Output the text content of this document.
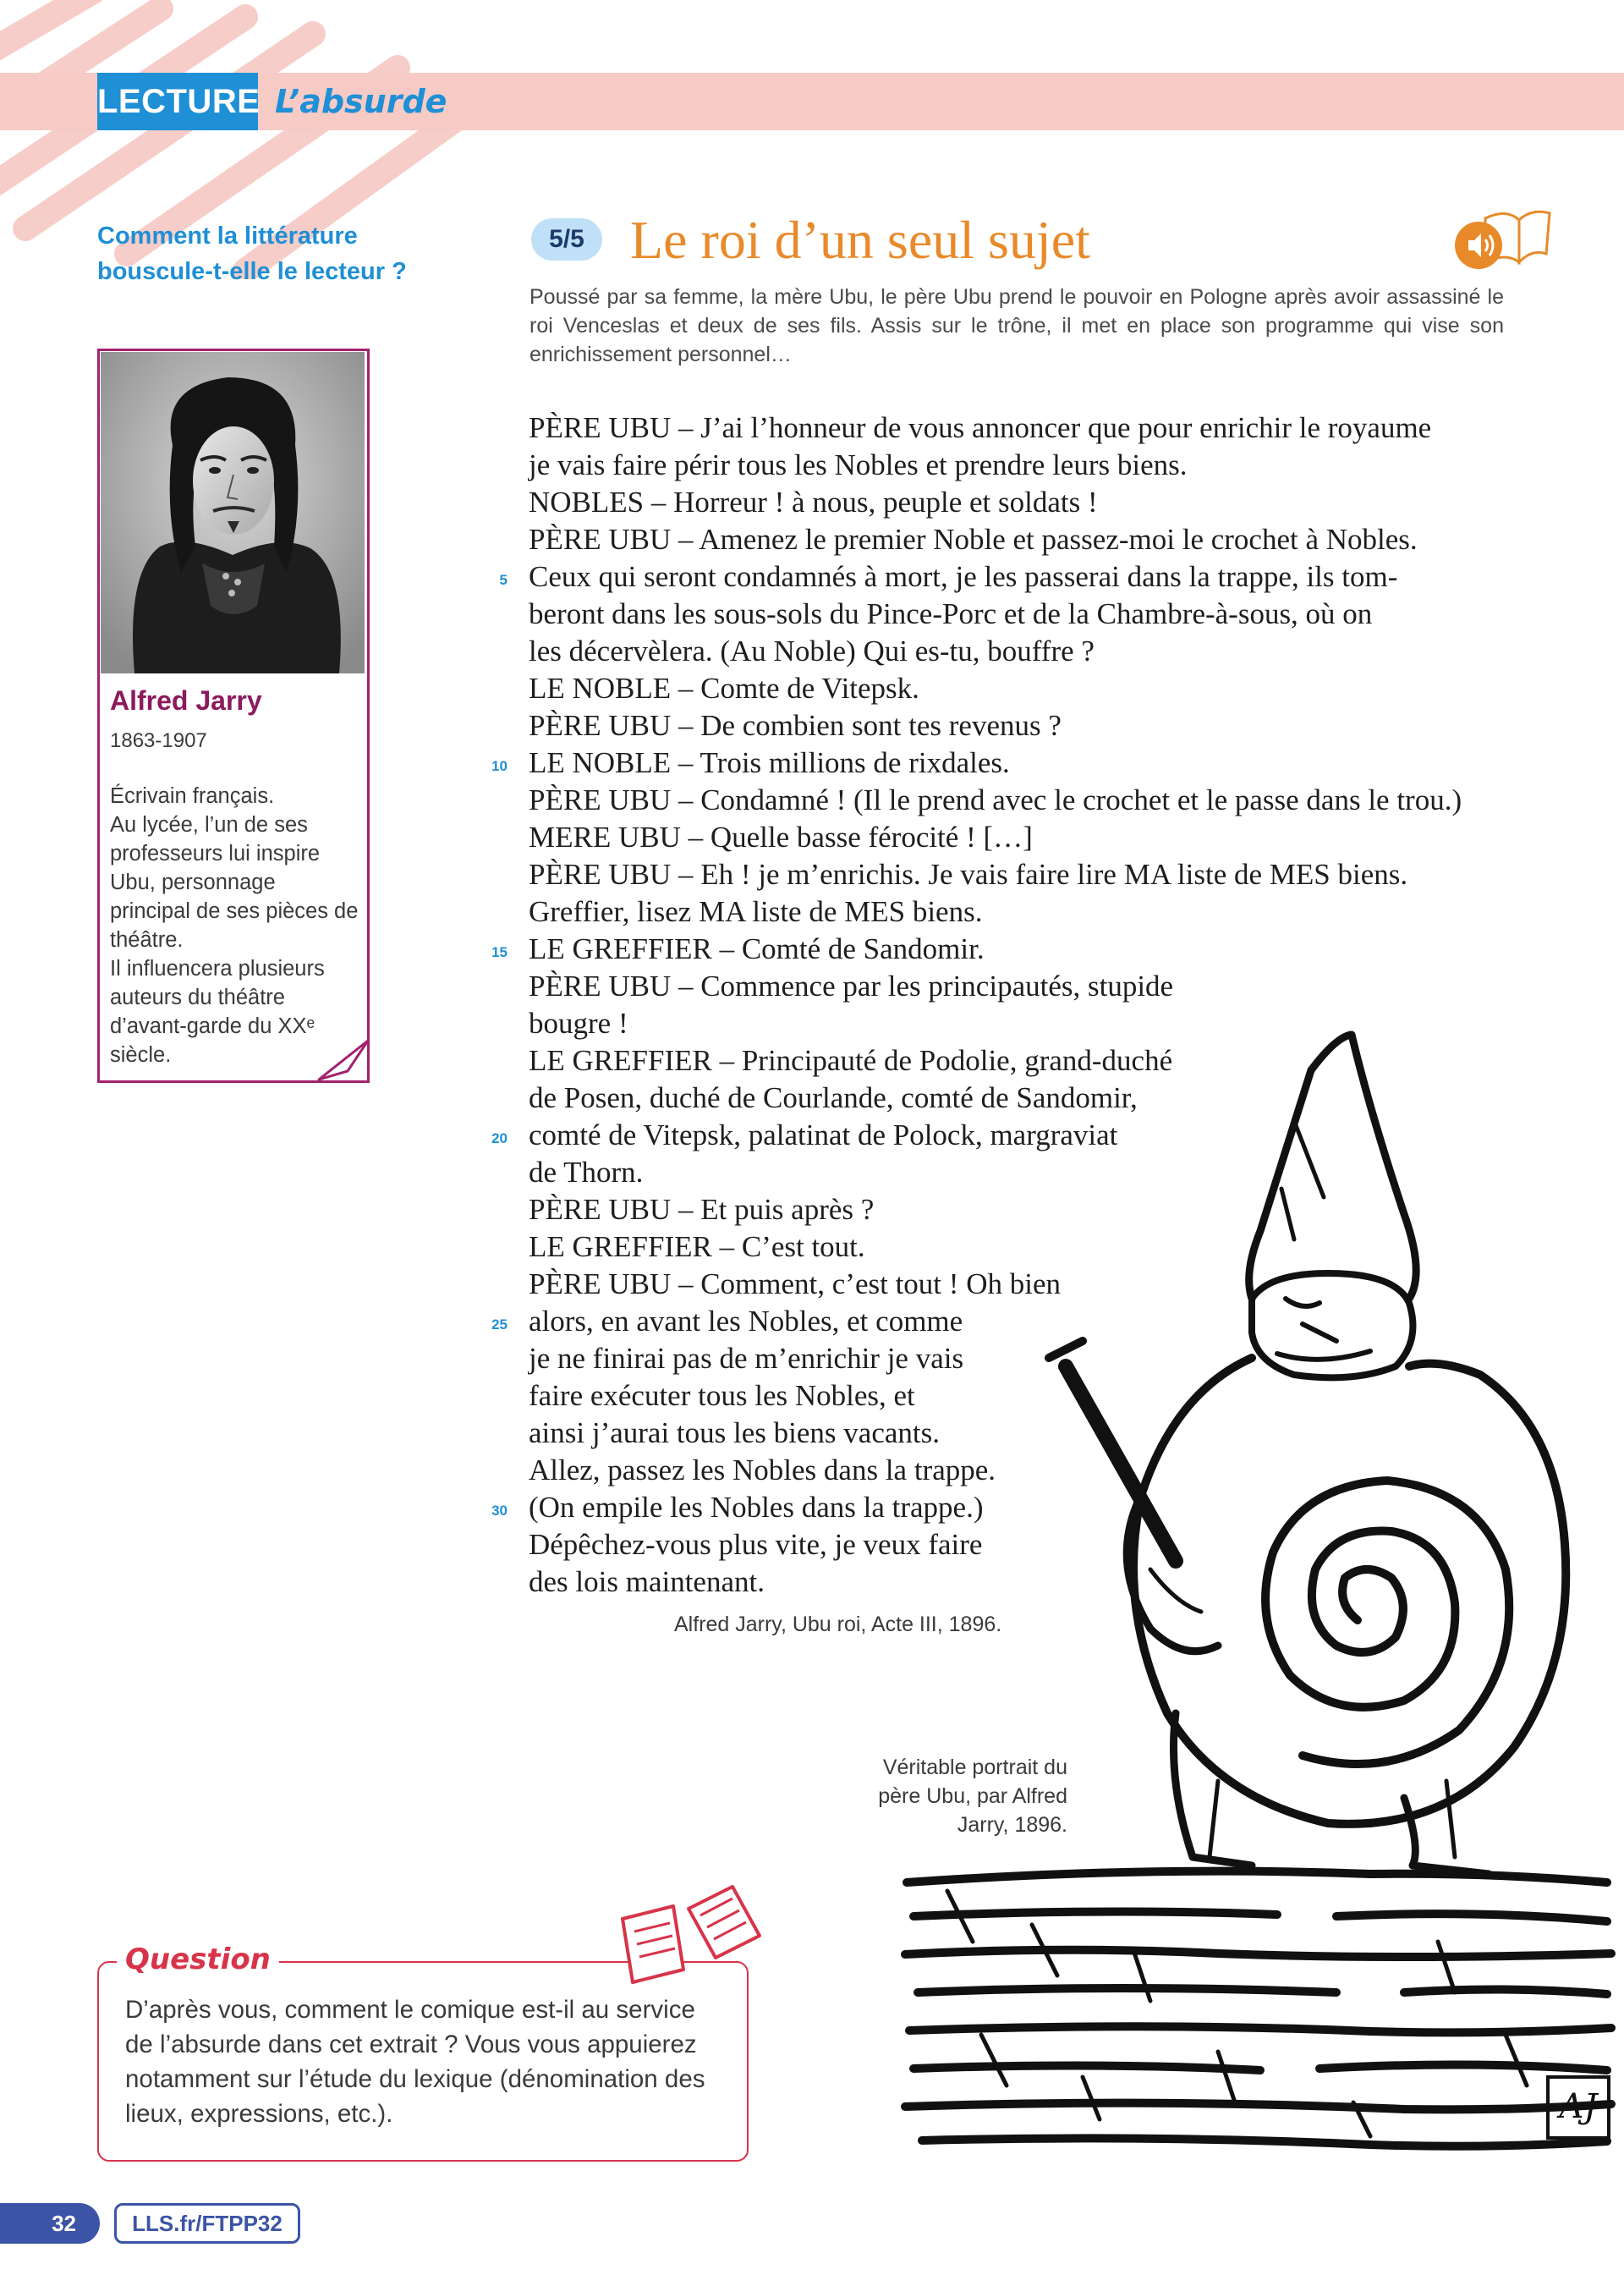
LECTURE L’absurde
Comment la littérature bouscule-t-elle le lecteur ?
Alfred Jarry
1863-1907

Écrivain français.

Au lycée, l’un de ses professeurs lui inspire Ubu, personnage principal de ses pièces de théâtre.

Il influencera plusieurs auteurs du théâtre d’avant-garde du XXᵉ siècle.

5/5 Le roi d’un seul sujet
Poussé par sa femme, la mère Ubu, le père Ubu prend le pouvoir en Pologne après avoir assassiné le roi Venceslas et deux de ses fils. Assis sur le trône, il met en place son programme qui vise son enrichissement personnel…
PÈRE UBU – J’ai l’honneur de vous annoncer que pour enrichir le royaume
je vais faire périr tous les Nobles et prendre leurs biens.
NOBLES – Horreur ! à nous, peuple et soldats !
PÈRE UBU – Amenez le premier Noble et passez-moi le crochet à Nobles.
Ceux qui seront condamnés à mort, je les passerai dans la trappe, ils tom-
beront dans les sous-sols du Pince-Porc et de la Chambre-à-sous, où on
les décervèlera. (Au Noble) Qui es-tu, bouffre ?
LE NOBLE – Comte de Vitepsk.
PÈRE UBU – De combien sont tes revenus ?
LE NOBLE – Trois millions de rixdales.
PÈRE UBU – Condamné ! (Il le prend avec le crochet et le passe dans le trou.)
MERE UBU – Quelle basse férocité ! […]
PÈRE UBU – Eh ! je m’enrichis. Je vais faire lire MA liste de MES biens.
Greffier, lisez MA liste de MES biens.
LE GREFFIER – Comté de Sandomir.
PÈRE UBU – Commence par les principautés, stupide
bougre !
LE GREFFIER – Principauté de Podolie, grand-duché
de Posen, duché de Courlande, comté de Sandomir,
comté de Vitepsk, palatinat de Polock, margraviat
de Thorn.
PÈRE UBU – Et puis après ?
LE GREFFIER – C’est tout.
PÈRE UBU – Comment, c’est tout ! Oh bien
alors, en avant les Nobles, et comme
je ne finirai pas de m’enrichir je vais
faire exécuter tous les Nobles, et
ainsi j’aurai tous les biens vacants.
Allez, passez les Nobles dans la trappe.
(On empile les Nobles dans la trappe.)
Dépêchez-vous plus vite, je veux faire
des lois maintenant.
5
10
15
20
25
30
Alfred Jarry, Ubu roi, Acte III, 1896.
AJ
Véritable portrait du père Ubu, par Alfred Jarry, 1896.
Question
D’après vous, comment le comique est-il au service de l’absurde dans cet extrait ? Vous vous appuierez notamment sur l’étude du lexique (dénomination des lieux, expressions, etc.).
32	LLS.fr/FTPP32
